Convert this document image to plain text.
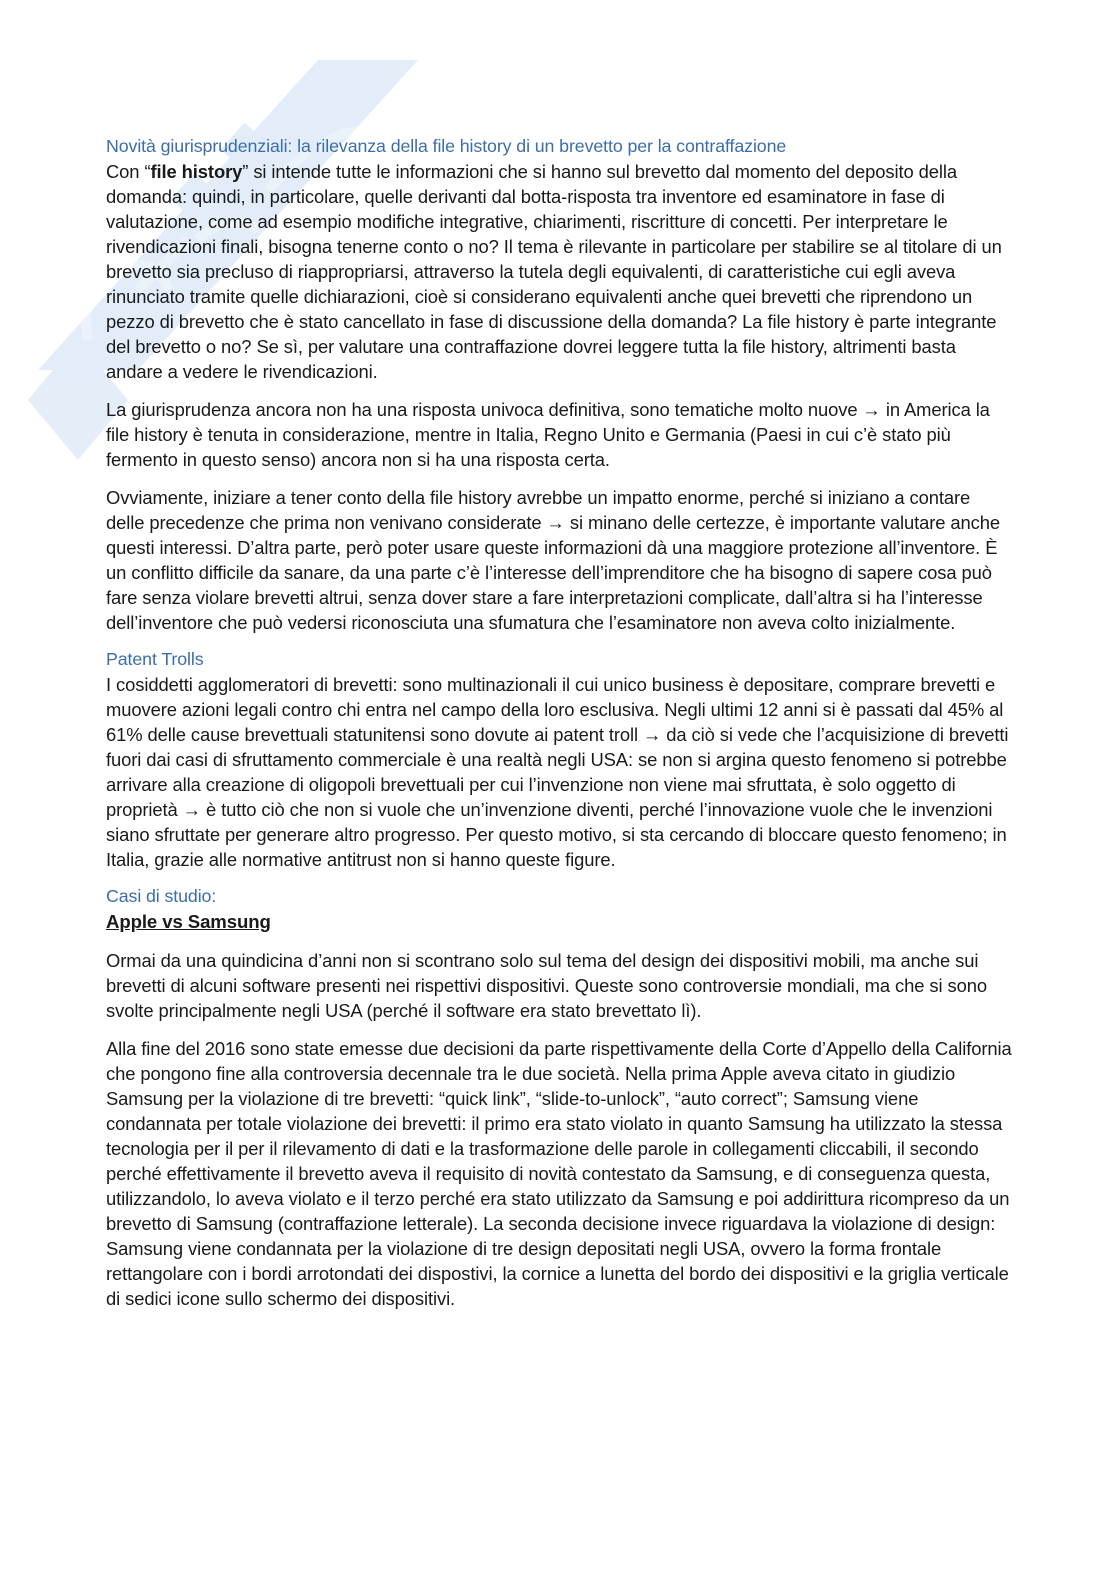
Novità giurisprudenziali: la rilevanza della file history di un brevetto per la contraffazione

Con “file history” si intende tutte le informazioni che si hanno sul brevetto dal momento del deposito della domanda: quindi, in particolare, quelle derivanti dal botta-risposta tra inventore ed esaminatore in fase di valutazione, come ad esempio modifiche integrative, chiarimenti, riscritture di concetti. Per interpretare le rivendicazioni finali, bisogna tenerne conto o no? Il tema è rilevante in particolare per stabilire se al titolare di un brevetto sia precluso di riappropriarsi, attraverso la tutela degli equivalenti, di caratteristiche cui egli aveva rinunciato tramite quelle dichiarazioni, cioè si considerano equivalenti anche quei brevetti che riprendono un pezzo di brevetto che è stato cancellato in fase di discussione della domanda? La file history è parte integrante del brevetto o no? Se sì, per valutare una contraffazione dovrei leggere tutta la file history, altrimenti basta andare a vedere le rivendicazioni.

La giurisprudenza ancora non ha una risposta univoca definitiva, sono tematiche molto nuove → in America la file history è tenuta in considerazione, mentre in Italia, Regno Unito e Germania (Paesi in cui c’è stato più fermento in questo senso) ancora non si ha una risposta certa.

Ovviamente, iniziare a tener conto della file history avrebbe un impatto enorme, perché si iniziano a contare delle precedenze che prima non venivano considerate → si minano delle certezze, è importante valutare anche questi interessi. D’altra parte, però poter usare queste informazioni dà una maggiore protezione all’inventore. È un conflitto difficile da sanare, da una parte c’è l’interesse dell’imprenditore che ha bisogno di sapere cosa può fare senza violare brevetti altrui, senza dover stare a fare interpretazioni complicate, dall’altra si ha l’interesse dell’inventore che può vedersi riconosciuta una sfumatura che l’esaminatore non aveva colto inizialmente.

Patent Trolls

I cosiddetti agglomeratori di brevetti: sono multinazionali il cui unico business è depositare, comprare brevetti e muovere azioni legali contro chi entra nel campo della loro esclusiva. Negli ultimi 12 anni si è passati dal 45% al 61% delle cause brevettuali statunitensi sono dovute ai patent troll → da ciò si vede che l’acquisizione di brevetti fuori dai casi di sfruttamento commerciale è una realtà negli USA: se non si argina questo fenomeno si potrebbe arrivare alla creazione di oligopoli brevettuali per cui l’invenzione non viene mai sfruttata, è solo oggetto di proprietà → è tutto ciò che non si vuole che un’invenzione diventi, perché l’innovazione vuole che le invenzioni siano sfruttate per generare altro progresso. Per questo motivo, si sta cercando di bloccare questo fenomeno; in Italia, grazie alle normative antitrust non si hanno queste figure.

Casi di studio:
Apple vs Samsung

Ormai da una quindicina d’anni non si scontrano solo sul tema del design dei dispositivi mobili, ma anche sui brevetti di alcuni software presenti nei rispettivi dispositivi. Queste sono controversie mondiali, ma che si sono svolte principalmente negli USA (perché il software era stato brevettato lì).

Alla fine del 2016 sono state emesse due decisioni da parte rispettivamente della Corte d’Appello della California che pongono fine alla controversia decennale tra le due società. Nella prima Apple aveva citato in giudizio Samsung per la violazione di tre brevetti: “quick link”, “slide-to-unlock”, “auto correct”; Samsung viene condannata per totale violazione dei brevetti: il primo era stato violato in quanto Samsung ha utilizzato la stessa tecnologia per il per il rilevamento di dati e la trasformazione delle parole in collegamenti cliccabili, il secondo perché effettivamente il brevetto aveva il requisito di novità contestato da Samsung, e di conseguenza questa, utilizzandolo, lo aveva violato e il terzo perché era stato utilizzato da Samsung e poi addirittura ricompreso da un brevetto di Samsung (contraffazione letterale). La seconda decisione invece riguardava la violazione di design: Samsung viene condannata per la violazione di tre design depositati negli USA, ovvero la forma frontale rettangolare con i bordi arrotondati dei dispostivi, la cornice a lunetta del bordo dei dispositivi e la griglia verticale di sedici icone sullo schermo dei dispositivi.
